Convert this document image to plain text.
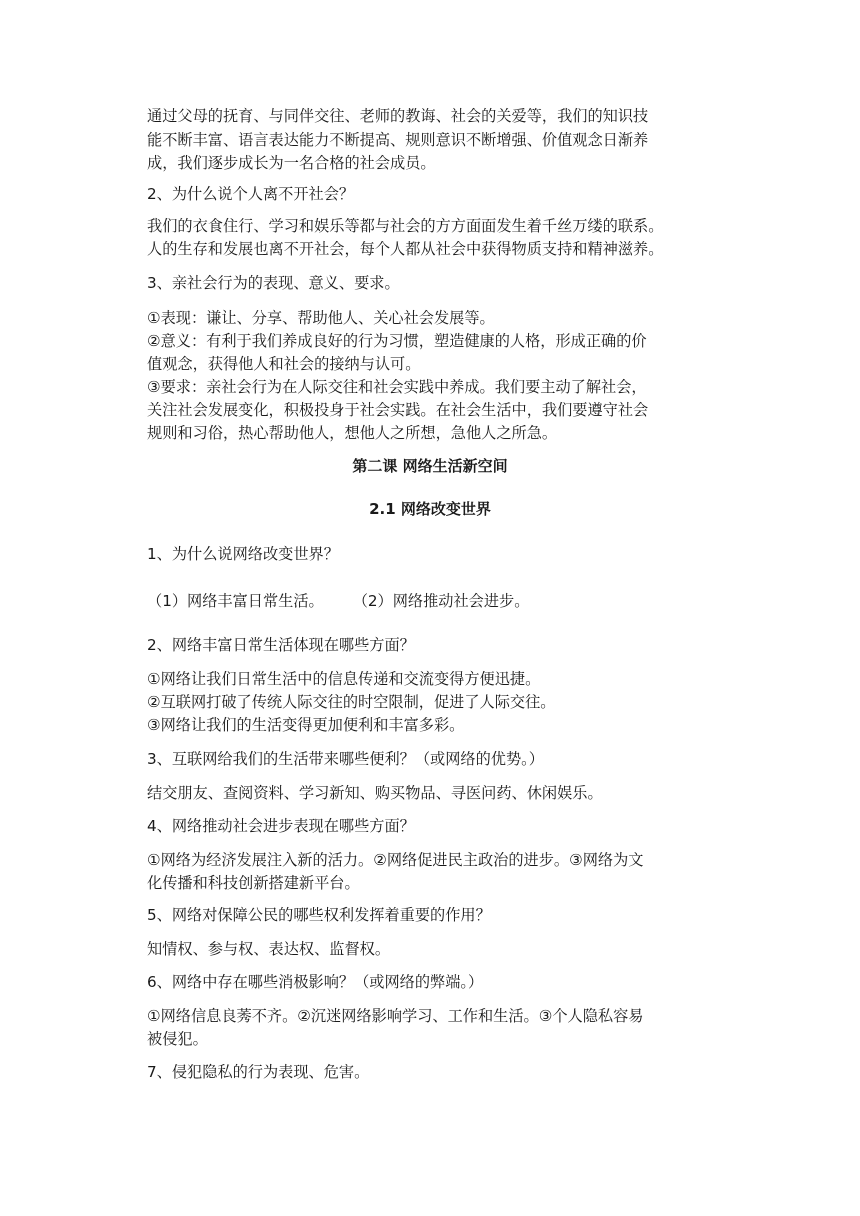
通过父母的抚育、与同伴交往、老师的教诲、社会的关爱等，我们的知识技

能不断丰富、语言表达能力不断提高、规则意识不断增强、价值观念日渐养

成，我们逐步成长为一名合格的社会成员。

2、为什么说个人离不开社会？

我们的衣食住行、学习和娱乐等都与社会的方方面面发生着千丝万缕的联系。

人的生存和发展也离不开社会，每个人都从社会中获得物质支持和精神滋养。

3、亲社会行为的表现、意义、要求。

①表现：谦让、分享、帮助他人、关心社会发展等。

②意义：有利于我们养成良好的行为习惯，塑造健康的人格，形成正确的价

值观念，获得他人和社会的接纳与认可。

③要求：亲社会行为在人际交往和社会实践中养成。我们要主动了解社会，

关注社会发展变化，积极投身于社会实践。在社会生活中，我们要遵守社会

规则和习俗，热心帮助他人，想他人之所想，急他人之所急。

第二课 网络生活新空间
2.1 网络改变世界

1、为什么说网络改变世界？

（1）网络丰富日常生活。      （2）网络推动社会进步。

2、网络丰富日常生活体现在哪些方面？

①网络让我们日常生活中的信息传递和交流变得方便迅捷。

②互联网打破了传统人际交往的时空限制，促进了人际交往。

③网络让我们的生活变得更加便利和丰富多彩。

3、互联网给我们的生活带来哪些便利？（或网络的优势。）

结交朋友、查阅资料、学习新知、购买物品、寻医问药、休闲娱乐。

4、网络推动社会进步表现在哪些方面？

①网络为经济发展注入新的活力。②网络促进民主政治的进步。③网络为文

化传播和科技创新搭建新平台。

5、网络对保障公民的哪些权利发挥着重要的作用？

知情权、参与权、表达权、监督权。

6、网络中存在哪些消极影响？（或网络的弊端。）

①网络信息良莠不齐。②沉迷网络影响学习、工作和生活。③个人隐私容易

被侵犯。

7、侵犯隐私的行为表现、危害。
